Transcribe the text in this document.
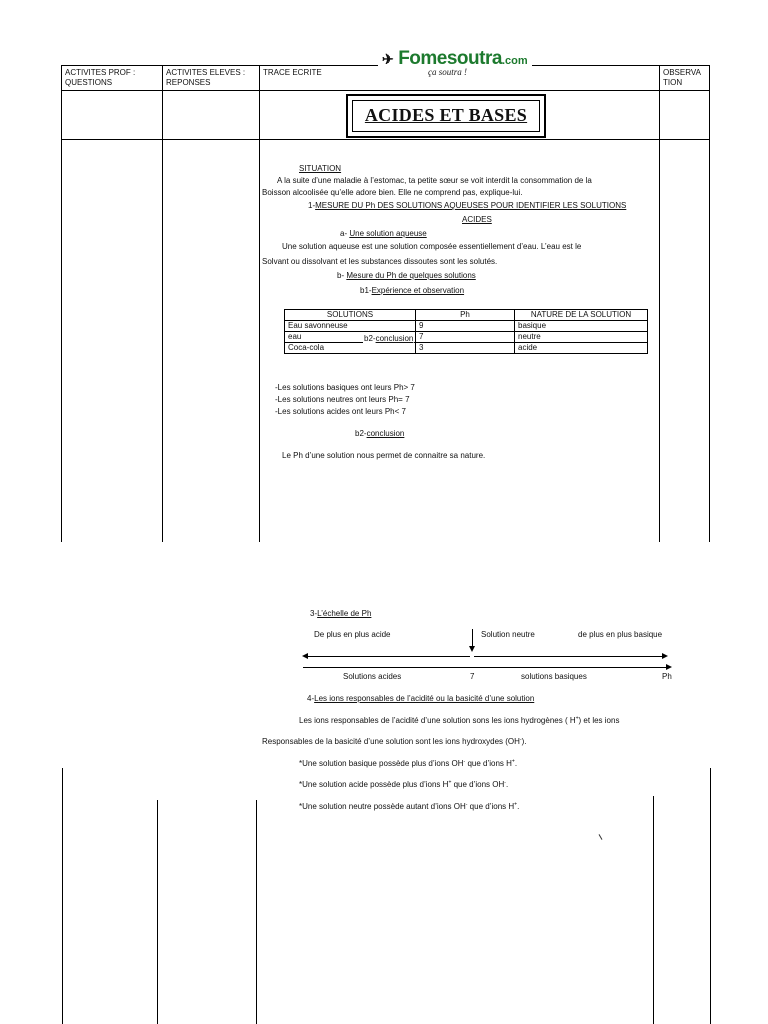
ACTIVITES PROF : QUESTIONS
ACTIVITES ELEVES : REPONSES
TRACE ECRITE	OBSERVA TION
✈ Fomesoutra.com
ça soutra !
ACIDES ET BASES
SITUATION
A la suite d’une maladie à l’estomac, ta petite sœur se voit interdit la consommation de la
Boisson alcoolisée qu’elle adore bien. Elle ne comprend pas, explique-lui.
1-MESURE DU Ph DES SOLUTIONS AQUEUSES POUR IDENTIFIER LES SOLUTIONS
ACIDES
a- Une solution aqueuse
Une solution aqueuse est une solution composée essentiellement d’eau. L’eau est le
Solvant ou dissolvant et les substances dissoutes sont les solutés.
b- Mesure du Ph de quelques solutions
b1-Expérience et observation
SOLUTIONS	Ph	NATURE DE LA SOLUTION
Eau savonneuse	9	basique
eau	7	neutre
Coca-cola	3	acide
b2-conclusion
-Les solutions basiques ont leurs Ph> 7
-Les solutions neutres ont leurs Ph= 7
-Les solutions acides ont leurs Ph< 7
b2-conclusion
Le Ph d’une solution nous permet de connaitre sa nature.
3-L’échelle de Ph
De plus en plus acide	Solution neutre	de plus en plus basique
Solutions acides	7	solutions basiques	Ph
4-Les ions responsables de l’acidité ou la basicité d’une solution
Les ions responsables de l’acidité d’une solution sons les ions hydrogènes ( H+) et les ions
Responsables de la basicité d’une solution sont les ions hydroxydes (OH-).
*Une solution basique possède plus d’ions OH- que d’ions H+.
*Une solution acide possède plus d’ions H+ que d’ions OH-.
*Une solution neutre possède autant d’ions OH- que d’ions H+.
